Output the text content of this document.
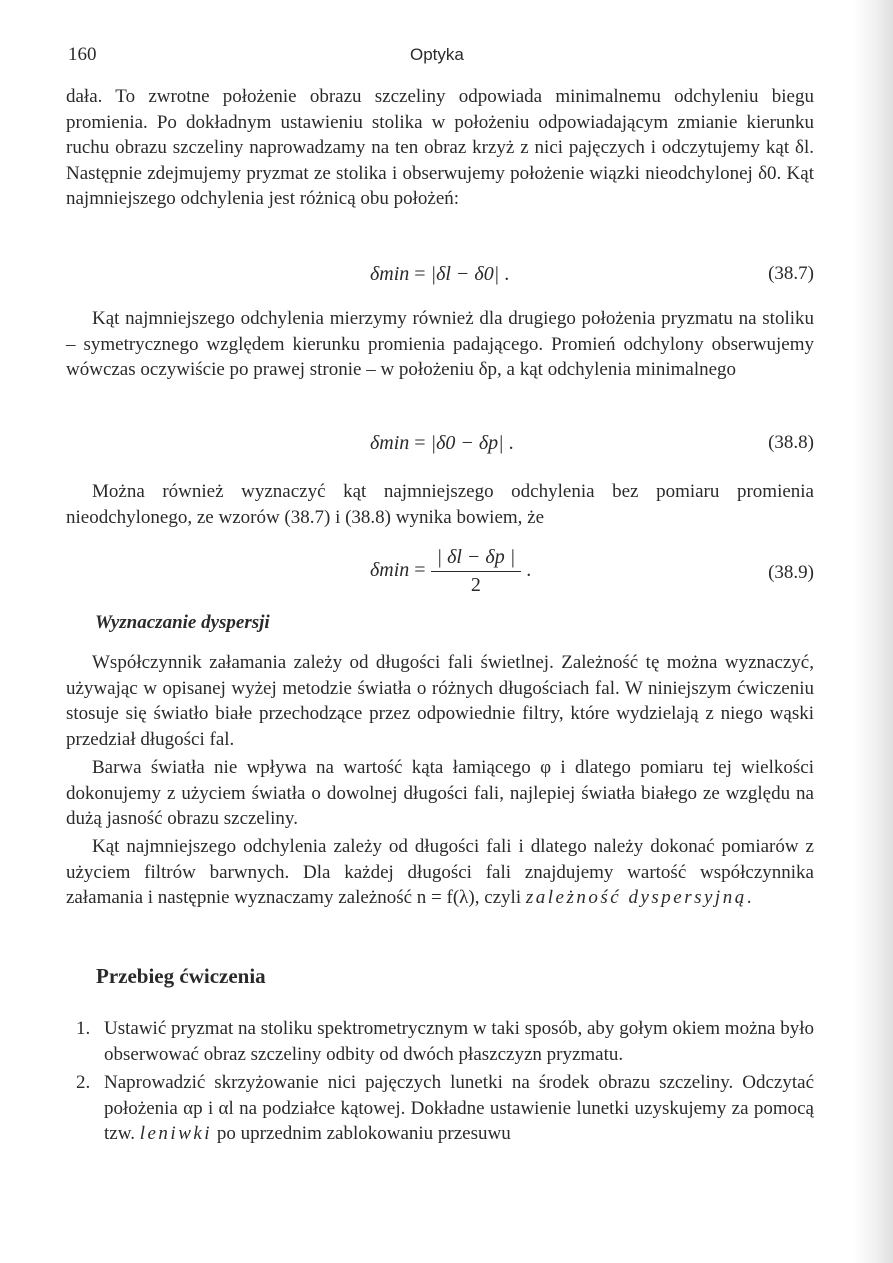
160	Optyka

dała. To zwrotne położenie obrazu szczeliny odpowiada minimalnemu odchyleniu biegu promienia. Po dokładnym ustawieniu stolika w położeniu odpowiadającym zmianie kierunku ruchu obrazu szczeliny naprowadzamy na ten obraz krzyż z nici pajęczych i odczytujemy kąt δl. Następnie zdejmujemy pryzmat ze stolika i obserwujemy położenie wiązki nieodchylonej δ0. Kąt najmniejszego odchylenia jest różnicą obu położeń:

δmin = |δl − δ0| .	(38.7)

Kąt najmniejszego odchylenia mierzymy również dla drugiego położenia pryzmatu na stoliku – symetrycznego względem kierunku promienia padającego. Promień odchylony obserwujemy wówczas oczywiście po prawej stronie – w położeniu δp, a kąt odchylenia minimalnego

δmin = |δ0 − δp| .	(38.8)

Można również wyznaczyć kąt najmniejszego odchylenia bez pomiaru promienia nieodchylonego, ze wzorów (38.7) i (38.8) wynika bowiem, że

$\delta\min = \frac{| \delta l - \delta p |}{2}$ .	(38.9)
Wyznaczanie dyspersji

Współczynnik załamania zależy od długości fali świetlnej. Zależność tę można wyznaczyć, używając w opisanej wyżej metodzie światła o różnych długościach fal. W niniejszym ćwiczeniu stosuje się światło białe przechodzące przez odpowiednie filtry, które wydzielają z niego wąski przedział długości fal.

Barwa światła nie wpływa na wartość kąta łamiącego φ i dlatego pomiaru tej wielkości dokonujemy z użyciem światła o dowolnej długości fali, najlepiej światła białego ze względu na dużą jasność obrazu szczeliny.

Kąt najmniejszego odchylenia zależy od długości fali i dlatego należy dokonać pomiarów z użyciem filtrów barwnych. Dla każdej długości fali znajdujemy wartość współczynnika załamania i następnie wyznaczamy zależność n = f(λ), czyli zależność dyspersyjną.

Przebieg ćwiczenia
1. Ustawić pryzmat na stoliku spektrometrycznym w taki sposób, aby gołym okiem można było obserwować obraz szczeliny odbity od dwóch płaszczyzn pryzmatu.
2. Naprowadzić skrzyżowanie nici pajęczych lunetki na środek obrazu szczeliny. Odczytać położenia αp i αl na podziałce kątowej. Dokładne ustawienie lunetki uzyskujemy za pomocą tzw. leniwki po uprzednim zablokowaniu przesuwu
